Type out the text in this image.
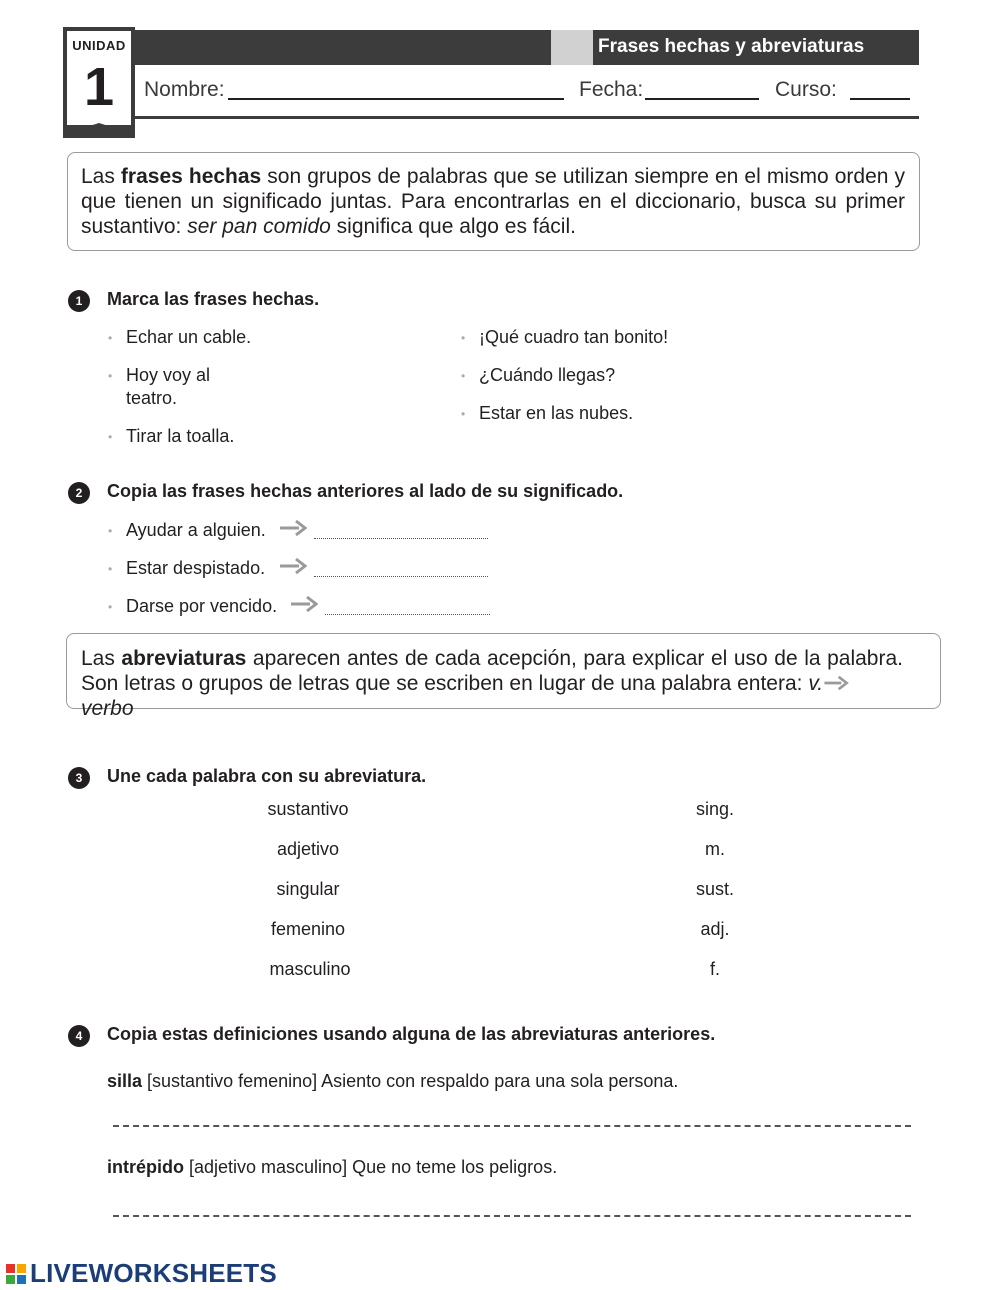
UNIDAD
1
Frases hechas y abreviaturas
Nombre:	Fecha:	Curso:
Las frases hechas son grupos de palabras que se utilizan siempre en el mismo orden y que tienen un significado juntas. Para encontrarlas en el diccionario, busca su primer sustantivo: ser pan comido significa que algo es fácil.
1	Marca las frases hechas.
• Echar un cable.
• Hoy voy al teatro.
• Tirar la toalla.
• ¡Qué cuadro tan bonito!
• ¿Cuándo llegas?
• Estar en las nubes.
2	Copia las frases hechas anteriores al lado de su significado.
• Ayudar a alguien.
• Estar despistado.
• Darse por vencido.
Las abreviaturas aparecen antes de cada acepción, para explicar el uso de la palabra. Son letras o grupos de letras que se escriben en lugar de una palabra entera: v.
verbo
3	Une cada palabra con su abreviatura.
sustantivo
adjetivo
singular
femenino
masculino
sing.
m.
sust.
adj.
f.
4	Copia estas definiciones usando alguna de las abreviaturas anteriores.
silla [sustantivo femenino] Asiento con respaldo para una sola persona.
intrépido [adjetivo masculino] Que no teme los peligros.
LIVEWORKSHEETS
